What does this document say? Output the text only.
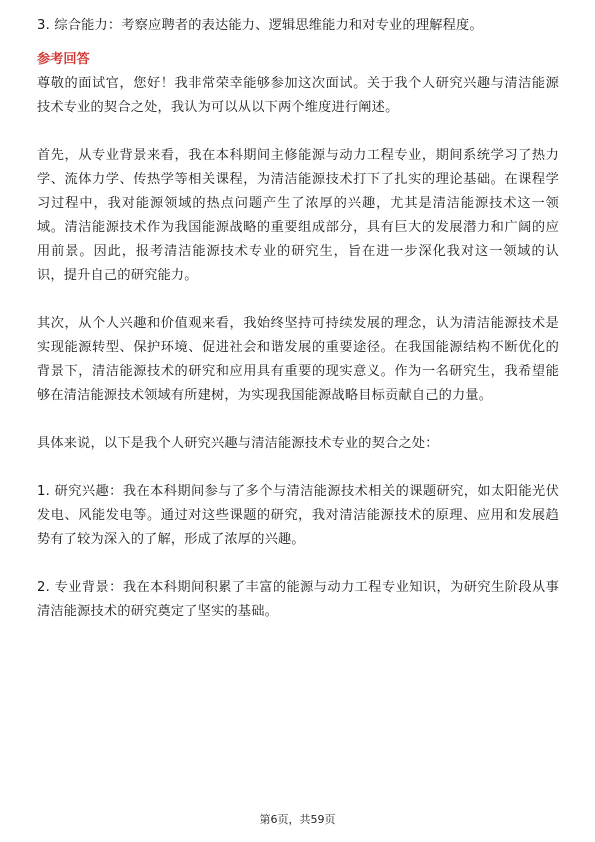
3. 综合能力：考察应聘者的表达能力、逻辑思维能力和对专业的理解程度。

参考回答

尊敬的面试官，您好！我非常荣幸能够参加这次面试。关于我个人研究兴趣与清洁能源技术专业的契合之处，我认为可以从以下两个维度进行阐述。

首先，从专业背景来看，我在本科期间主修能源与动力工程专业，期间系统学习了热力学、流体力学、传热学等相关课程，为清洁能源技术打下了扎实的理论基础。在课程学习过程中，我对能源领域的热点问题产生了浓厚的兴趣，尤其是清洁能源技术这一领域。清洁能源技术作为我国能源战略的重要组成部分，具有巨大的发展潜力和广阔的应用前景。因此，报考清洁能源技术专业的研究生，旨在进一步深化我对这一领域的认识，提升自己的研究能力。

其次，从个人兴趣和价值观来看，我始终坚持可持续发展的理念，认为清洁能源技术是实现能源转型、保护环境、促进社会和谐发展的重要途径。在我国能源结构不断优化的背景下，清洁能源技术的研究和应用具有重要的现实意义。作为一名研究生，我希望能够在清洁能源技术领域有所建树，为实现我国能源战略目标贡献自己的力量。

具体来说，以下是我个人研究兴趣与清洁能源技术专业的契合之处：

1. 研究兴趣：我在本科期间参与了多个与清洁能源技术相关的课题研究，如太阳能光伏发电、风能发电等。通过对这些课题的研究，我对清洁能源技术的原理、应用和发展趋势有了较为深入的了解，形成了浓厚的兴趣。

2. 专业背景：我在本科期间积累了丰富的能源与动力工程专业知识，为研究生阶段从事清洁能源技术的研究奠定了坚实的基础。

第6页，共59页
